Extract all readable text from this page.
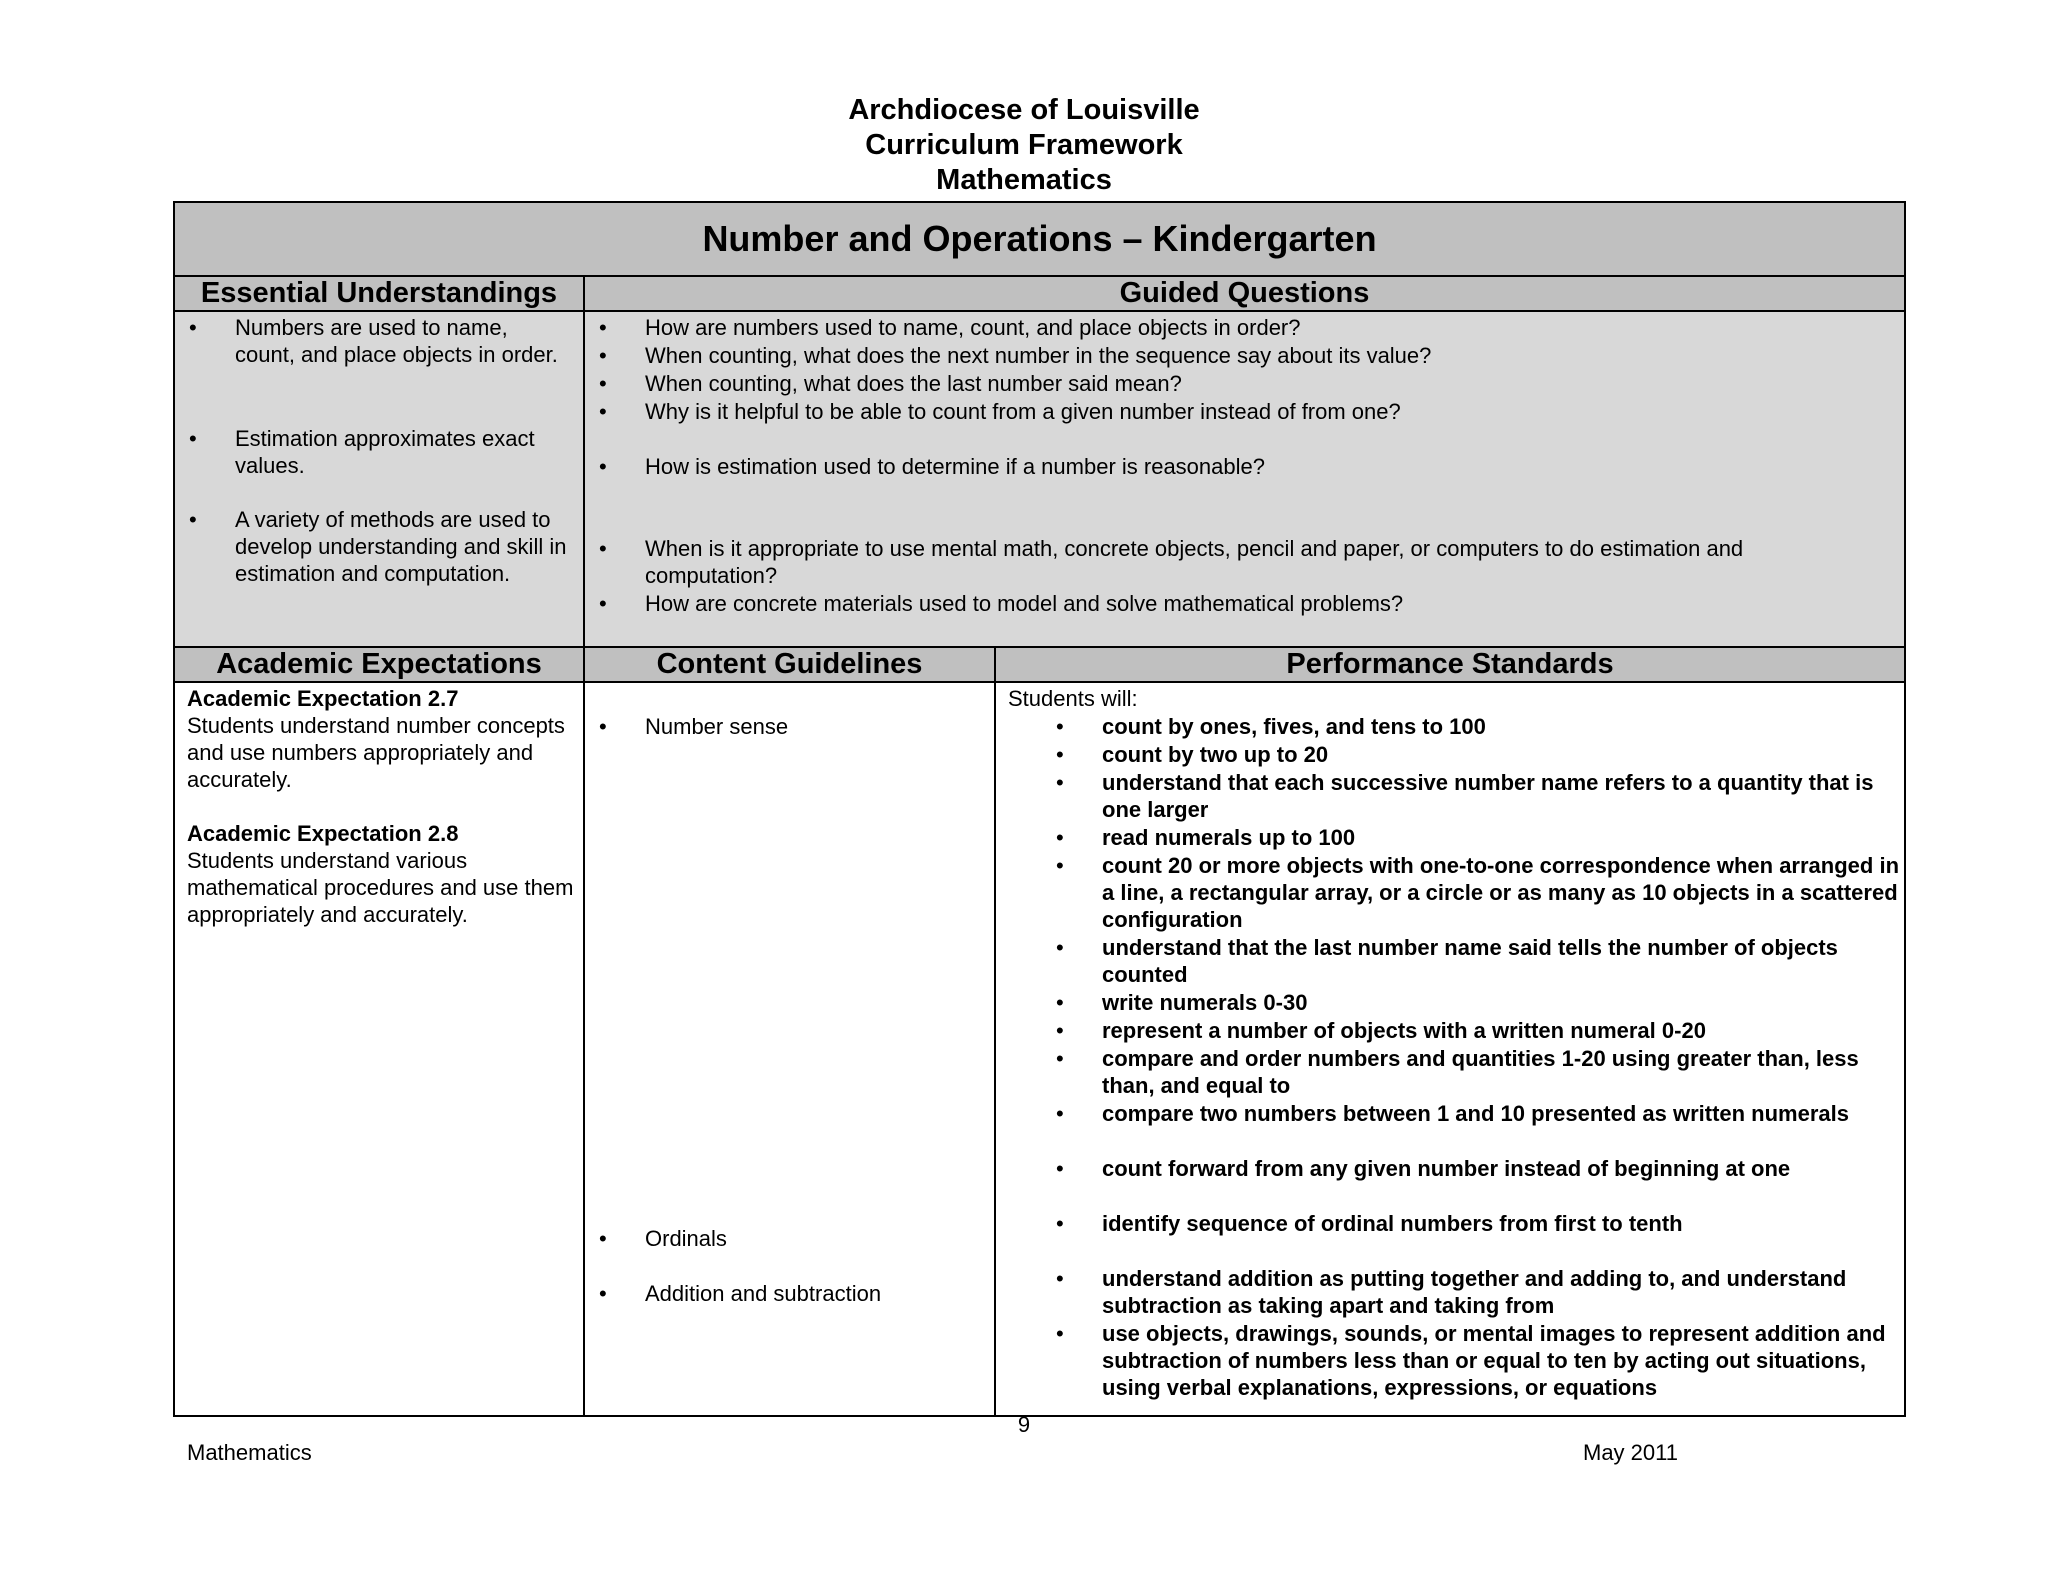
Archdiocese of Louisville
Curriculum Framework
Mathematics
Number and Operations – Kindergarten
Essential Understandings
• Numbers are used to name, count, and place objects in order.
• Estimation approximates exact values.
• A variety of methods are used to develop understanding and skill in estimation and computation.
Guided Questions
• How are numbers used to name, count, and place objects in order?
• When counting, what does the next number in the sequence say about its value?
• When counting, what does the last number said mean?
• Why is it helpful to be able to count from a given number instead of from one?
• How is estimation used to determine if a number is reasonable?
• When is it appropriate to use mental math, concrete objects, pencil and paper, or computers to do estimation and computation?
• How are concrete materials used to model and solve mathematical problems?
Academic Expectations
Academic Expectation 2.7
Students understand number concepts and use numbers appropriately and accurately.
Academic Expectation 2.8
Students understand various mathematical procedures and use them appropriately and accurately.
Content Guidelines
• Number sense
• Ordinals
• Addition and subtraction
Performance Standards
Students will:
• count by ones, fives, and tens to 100
• count by two up to 20
• understand that each successive number name refers to a quantity that is one larger
• read numerals up to 100
• count 20 or more objects with one-to-one correspondence when arranged in a line, a rectangular array, or a circle or as many as 10 objects in a scattered configuration
• understand that the last number name said tells the number of objects counted
• write numerals 0-30
• represent a number of objects with a written numeral 0-20
• compare and order numbers and quantities 1-20 using greater than, less than, and equal to
• compare two numbers between 1 and 10 presented as written numerals
• count forward from any given number instead of beginning at one
• identify sequence of ordinal numbers from first to tenth
• understand addition as putting together and adding to, and understand subtraction as taking apart and taking from
• use objects, drawings, sounds, or mental images to represent addition and subtraction of numbers less than or equal to ten by acting out situations, using verbal explanations, expressions, or equations
9
Mathematics	May 2011
